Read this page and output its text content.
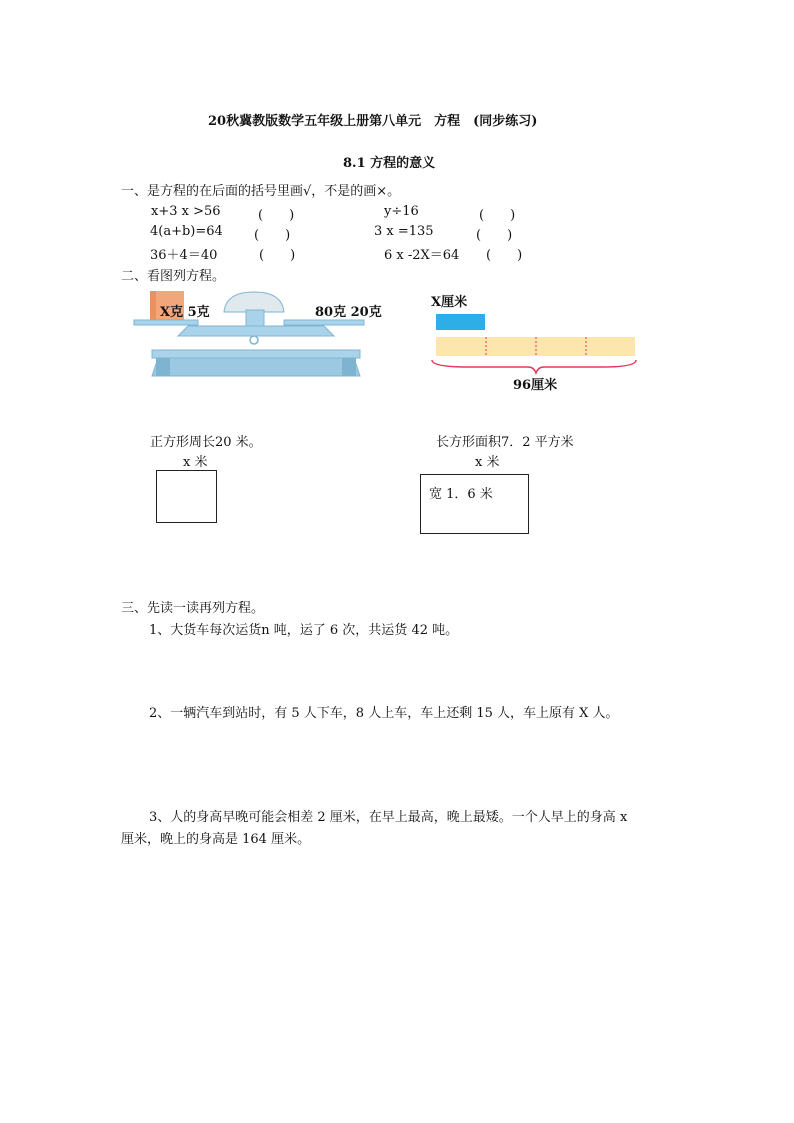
20秋冀教版数学五年级上册第八单元　方程　(同步练习)
8.1 方程的意义
一、是方程的在后面的括号里画√，不是的画×。
x+3 x >56	(　　)	y÷16	(　　)
4(a+b)=64 (　　)	3 x =135	(　　)
36＋4＝40	(　　)	6 x -2X＝64 (　　)
二、看图列方程。
X克 5克	80克 20克
X厘米
96厘米
正方形周长20 米。
x 米
长方形面积7．2 平方米
x 米
宽 1．6 米
三、先读一读再列方程。
1、大货车每次运货n 吨，运了 6 次，共运货 42 吨。
2、一辆汽车到站时，有 5 人下车，8 人上车，车上还剩 15 人，车上原有 X 人。
3、人的身高早晚可能会相差 2 厘米，在早上最高，晚上最矮。一个人早上的身高 x
厘米，晚上的身高是 164 厘米。
